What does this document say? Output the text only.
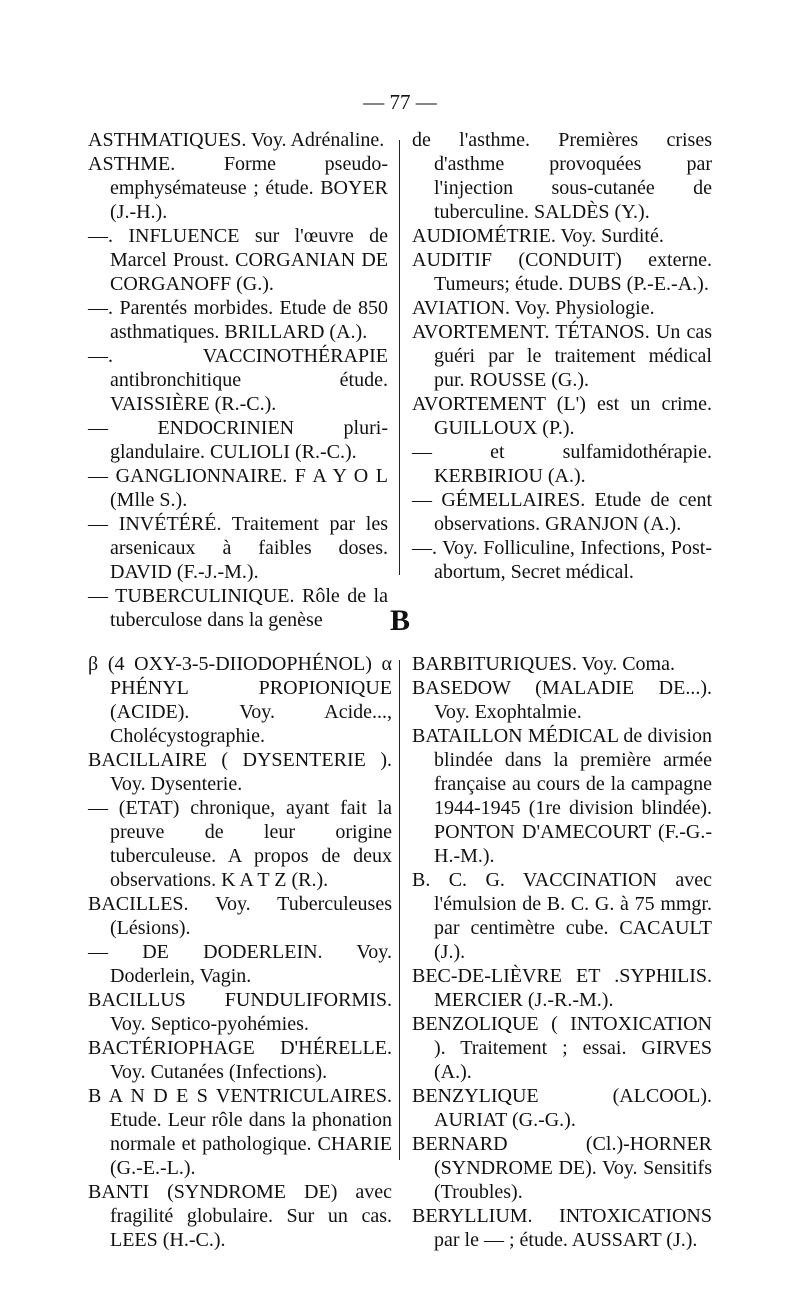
— 77 —

ASTHMATIQUES. Voy. Adrénaline.

ASTHME. Forme pseudo-emphysémateuse ; étude. BOYER (J.-H.).

—. INFLUENCE sur l'œuvre de Marcel Proust. CORGANIAN DE CORGANOFF (G.).

—. Parentés morbides. Etude de 850 asthmatiques. BRILLARD (A.).

—. VACCINOTHÉRAPIE antibronchitique étude. VAISSIÈRE (R.-C.).

— ENDOCRINIEN pluri-glandulaire. CULIOLI (R.-C.).

— GANGLIONNAIRE. F A Y O L (Mlle S.).

— INVÉTÉRÉ. Traitement par les arsenicaux à faibles doses. DAVID (F.-J.-M.).

— TUBERCULINIQUE. Rôle de la tuberculose dans la genèse

de l'asthme. Premières crises d'asthme provoquées par l'injection sous-cutanée de tuberculine. SALDÈS (Y.).

AUDIOMÉTRIE. Voy. Surdité.

AUDITIF (CONDUIT) externe. Tumeurs; étude. DUBS (P.-E.-A.).

AVIATION. Voy. Physiologie.

AVORTEMENT. TÉTANOS. Un cas guéri par le traitement médical pur. ROUSSE (G.).

AVORTEMENT (L') est un crime. GUILLOUX (P.).

— et sulfamidothérapie. KERBIRIOU (A.).

— GÉMELLAIRES. Etude de cent observations. GRANJON (A.).

—. Voy. Folliculine, Infections, Post-abortum, Secret médical.

B

β (4 OXY-3-5-DIIODOPHÉNOL) α PHÉNYL PROPIONIQUE (ACIDE). Voy. Acide..., Cholécystographie.

BACILLAIRE ( DYSENTERIE ). Voy. Dysenterie.

— (ETAT) chronique, ayant fait la preuve de leur origine tuberculeuse. A propos de deux observations. K A T Z (R.).

BACILLES. Voy. Tuberculeuses (Lésions).

— DE DODERLEIN. Voy. Doderlein, Vagin.

BACILLUS FUNDULIFORMIS. Voy. Septico-pyohémies.

BACTÉRIOPHAGE D'HÉRELLE. Voy. Cutanées (Infections).

B A N D E S VENTRICULAIRES. Etude. Leur rôle dans la phonation normale et pathologique. CHARIE (G.-E.-L.).

BANTI (SYNDROME DE) avec fragilité globulaire. Sur un cas. LEES (H.-C.).

BARBITURIQUES. Voy. Coma.

BASEDOW (MALADIE DE...). Voy. Exophtalmie.

BATAILLON MÉDICAL de division blindée dans la première armée française au cours de la campagne 1944-1945 (1re division blindée). PONTON D'AMECOURT (F.-G.-H.-M.).

B. C. G. VACCINATION avec l'émulsion de B. C. G. à 75 mmgr. par centimètre cube. CACAULT (J.).

BEC-DE-LIÈVRE ET .SYPHILIS. MERCIER (J.-R.-M.).

BENZOLIQUE ( INTOXICATION ). Traitement ; essai. GIRVES (A.).

BENZYLIQUE (ALCOOL). AURIAT (G.-G.).

BERNARD (Cl.)-HORNER (SYNDROME DE). Voy. Sensitifs (Troubles).

BERYLLIUM. INTOXICATIONS par le — ; étude. AUSSART (J.).
